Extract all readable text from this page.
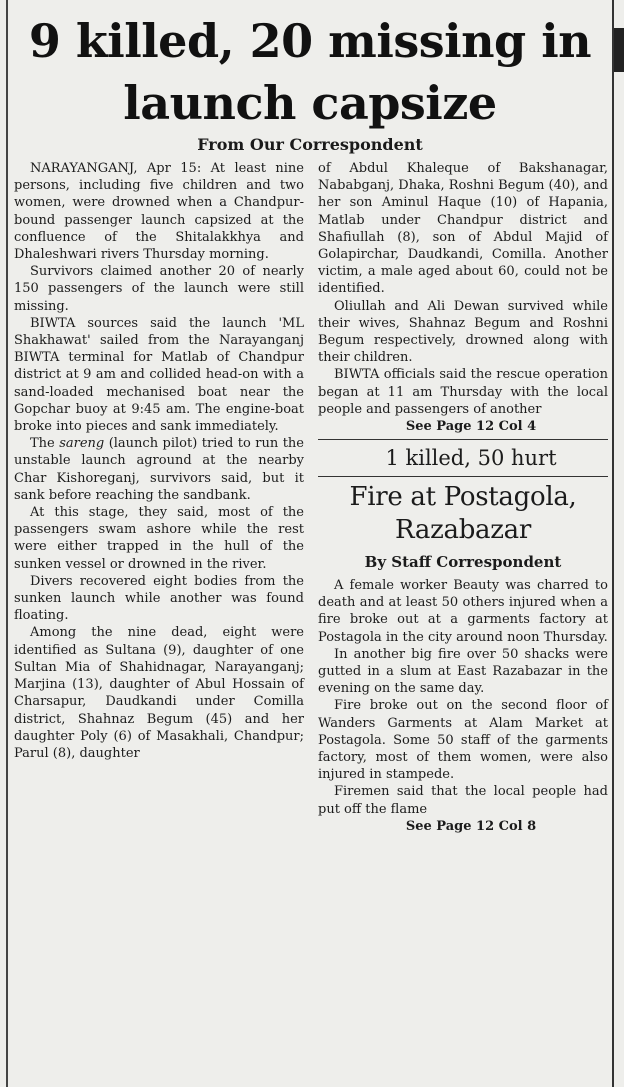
9 killed, 20 missing in launch capsize
From Our Correspondent

NARAYANGANJ, Apr 15: At least nine persons, including five children and two women, were drowned when a Chandpur-bound passenger launch capsized at the confluence of the Shitalakkhya and Dhaleshwari rivers Thursday morning.

Survivors claimed another 20 of nearly 150 passengers of the launch were still missing.

BIWTA sources said the launch 'ML Shakhawat' sailed from the Narayanganj BIWTA terminal for Matlab of Chandpur district at 9 am and collided head-on with a sand-loaded mechanised boat near the Gopchar buoy at 9:45 am. The engine-boat broke into pieces and sank immediately.

The sareng (launch pilot) tried to run the unstable launch aground at the nearby Char Kishoreganj, survivors said, but it sank before reaching the sandbank.

At this stage, they said, most of the passengers swam ashore while the rest were either trapped in the hull of the sunken vessel or drowned in the river.

Divers recovered eight bodies from the sunken launch while another was found floating.

Among the nine dead, eight were identified as Sultana (9), daughter of one Sultan Mia of Shahidnagar, Narayanganj; Marjina (13), daughter of Abul Hossain of Charsapur, Daudkandi under Comilla district, Shahnaz Begum (45) and her daughter Poly (6) of Masakhali, Chandpur; Parul (8), daughter

of Abdul Khaleque of Bakshanagar, Nababganj, Dhaka, Roshni Begum (40), and her son Aminul Haque (10) of Hapania, Matlab under Chandpur district and Shafiullah (8), son of Abdul Majid of Golapirchar, Daudkandi, Comilla. Another victim, a male aged about 60, could not be identified.

Oliullah and Ali Dewan survived while their wives, Shahnaz Begum and Roshni Begum respectively, drowned along with their children.

BIWTA officials said the rescue operation began at 11 am Thursday with the local people and passengers of another

See Page 12 Col 4

1 killed, 50 hurt

Fire at Postagola, Razabazar
By Staff Correspondent

A female worker Beauty was charred to death and at least 50 others injured when a fire broke out at a garments factory at Postagola in the city around noon Thursday.

In another big fire over 50 shacks were gutted in a slum at East Razabazar in the evening on the same day.

Fire broke out on the second floor of Wanders Garments at Alam Market at Postagola. Some 50 staff of the garments factory, most of them women, were also injured in stampede.

Firemen said that the local people had put off the flame

See Page 12 Col 8
